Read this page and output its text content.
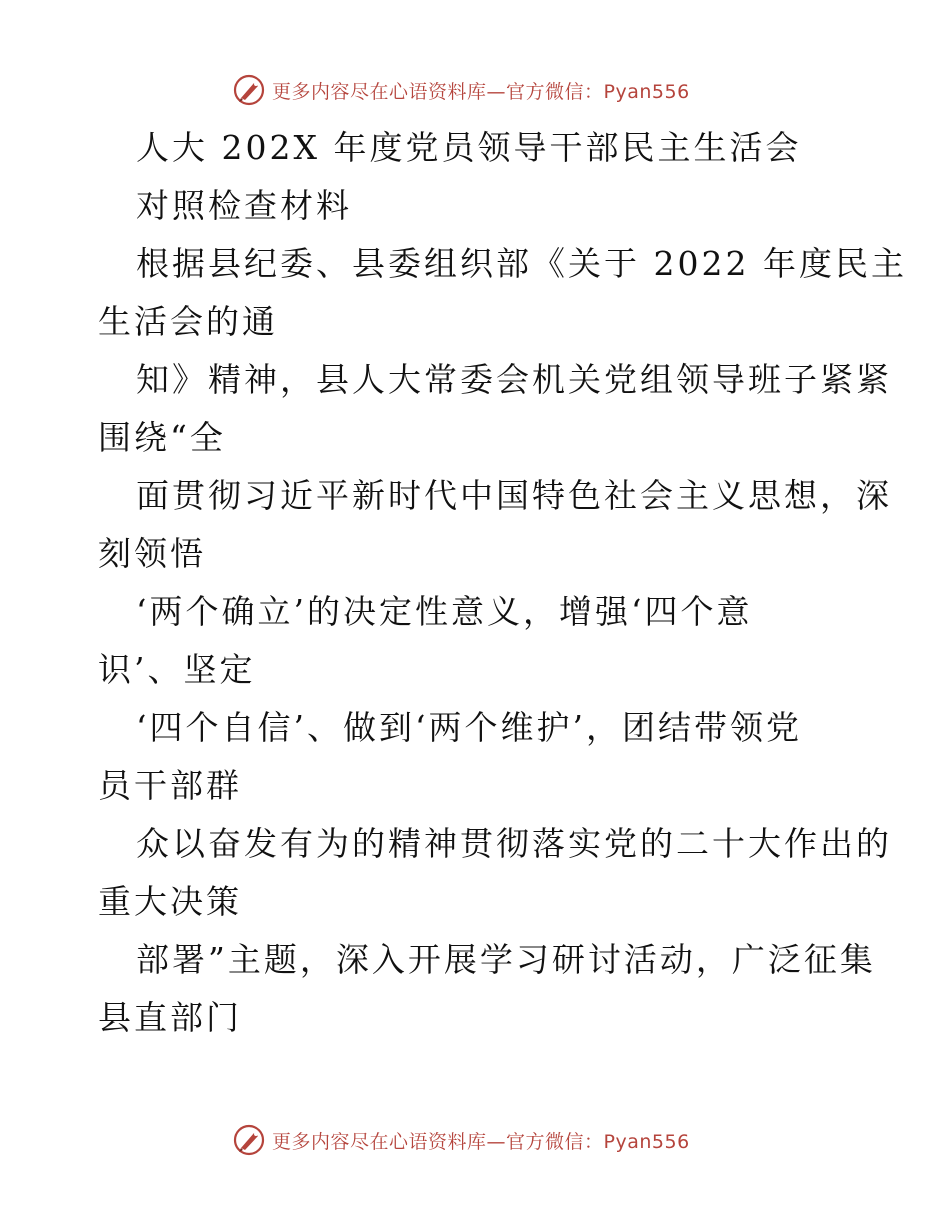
更多内容尽在心语资料库—官方微信：Pyan556
人大 202X 年度党员领导干部民主生活会
对照检查材料
根据县纪委、县委组织部《关于 2022 年度民主
生活会的通
知》精神，县人大常委会机关党组领导班子紧紧
围绕“全
面贯彻习近平新时代中国特色社会主义思想，深
刻领悟
‘两个确立’的决定性意义，增强‘四个意
识’、坚定
‘四个自信’、做到‘两个维护’，团结带领党
员干部群
众以奋发有为的精神贯彻落实党的二十大作出的
重大决策
部署”主题，深入开展学习研讨活动，广泛征集
县直部门
更多内容尽在心语资料库—官方微信：Pyan556
